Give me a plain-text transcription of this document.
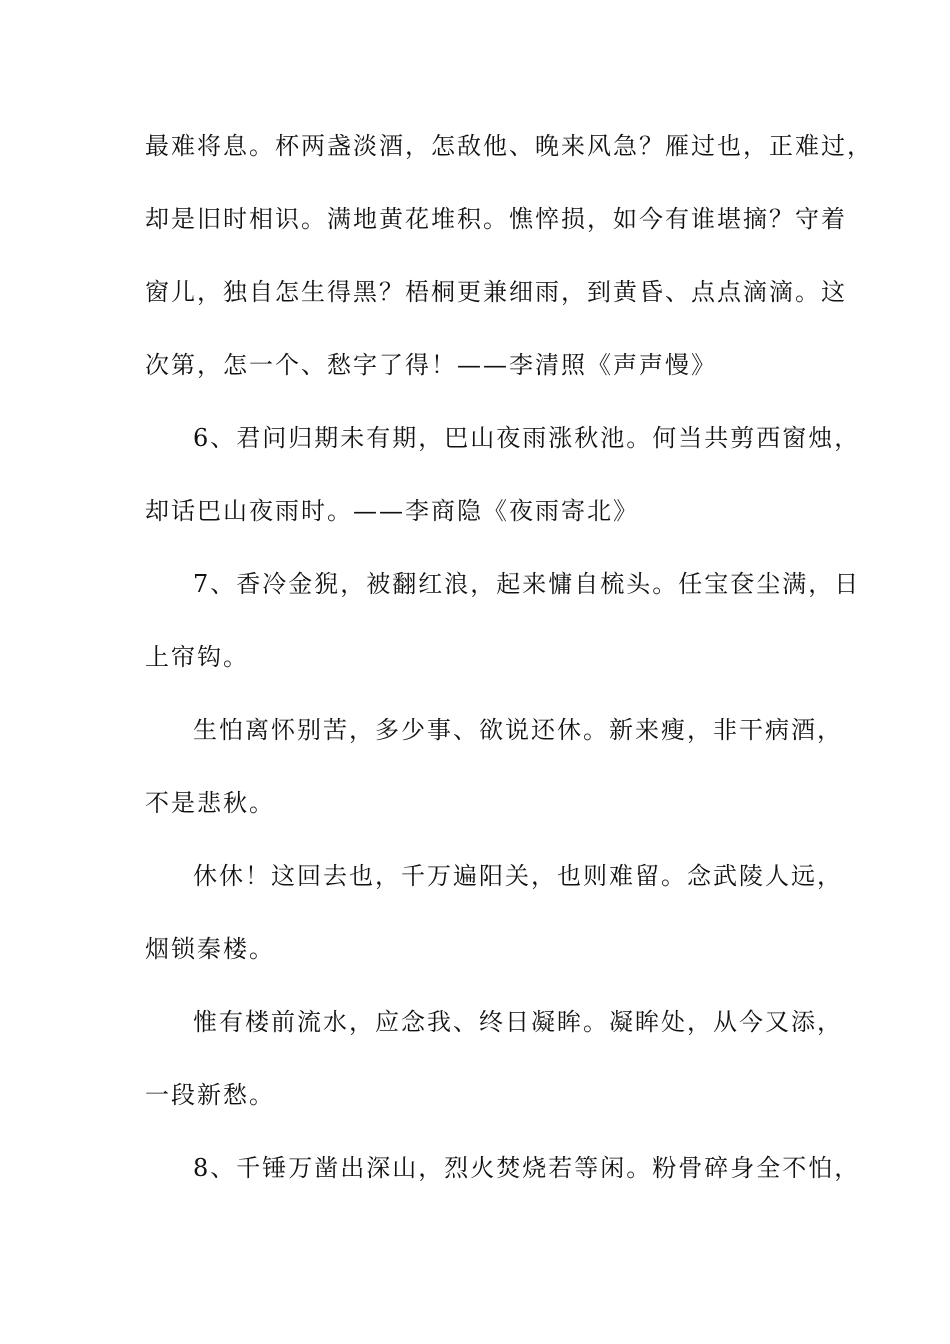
最难将息。杯两盏淡酒，怎敌他、晚来风急？雁过也，正难过，
却是旧时相识。满地黄花堆积。憔悴损，如今有谁堪摘？守着
窗儿，独自怎生得黑？梧桐更兼细雨，到黄昏、点点滴滴。这
次第，怎一个、愁字了得！——李清照《声声慢》
6、君问归期未有期，巴山夜雨涨秋池。何当共剪西窗烛，
却话巴山夜雨时。——李商隐《夜雨寄北》
7、香冷金猊，被翻红浪，起来慵自梳头。任宝奁尘满，日
上帘钩。
生怕离怀别苦，多少事、欲说还休。新来瘦，非干病酒，
不是悲秋。
休休！这回去也，千万遍阳关，也则难留。念武陵人远，
烟锁秦楼。
惟有楼前流水，应念我、终日凝眸。凝眸处，从今又添，
一段新愁。
8、千锤万凿出深山，烈火焚烧若等闲。粉骨碎身全不怕，
